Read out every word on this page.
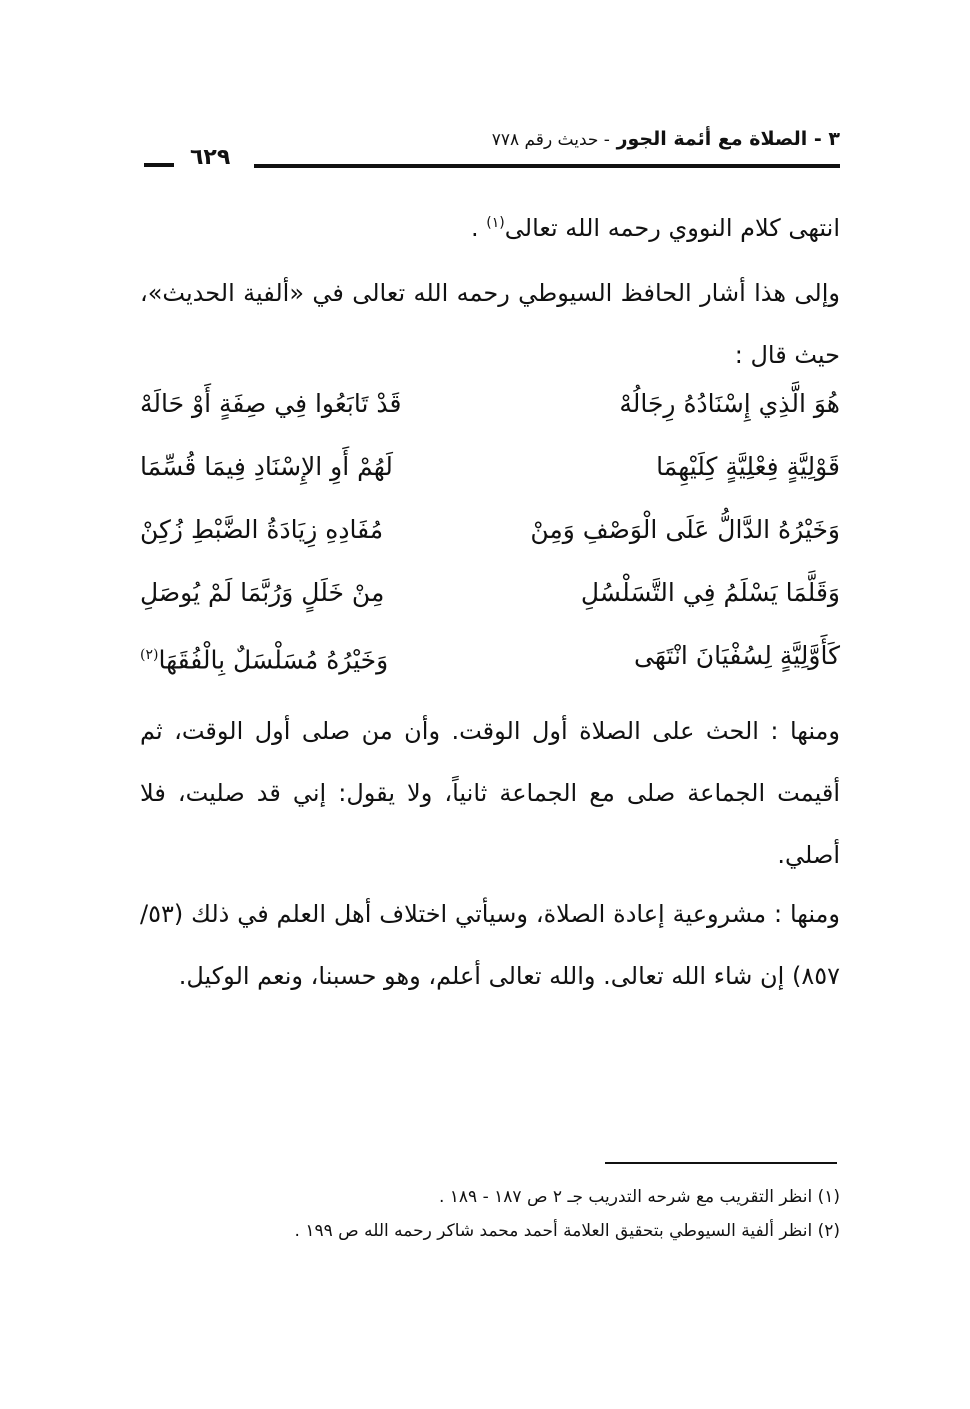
٣ - الصلاة مع أئمة الجور - حديث رقم ٧٧٨
٦٢٩
انتهى كلام النووي رحمه الله تعالى$^{(١)}$ .
وإلى هذا أشار الحافظ السيوطي رحمه الله تعالى في «ألفية الحديث»، حيث قال :
هُوَ الَّذِي إِسْنَادُهُ رِجَالُهْ
قَدْ تَابَعُوا فِي صِفَةٍ أَوْ حَالَهْ
قَوْلِيَّةٍ فِعْلِيَّةٍ كِلَيْهِمَا
لَهُمْ أَوِ الإِسْنَادِ فِيمَا قُسِّمَا
وَخَيْرُهُ الدَّالُّ عَلَى الْوَصْفِ وَمِنْ
مُفَادِهِ زِيَادَةُ الضَّبْطِ زُكِنْ
وَقَلَّمَا يَسْلَمُ فِي التَّسَلْسُلِ
مِنْ خَلَلٍ وَرُبَّمَا لَمْ يُوصَلِ
كَأَوَّلِيَّةٍ لِسُفْيَانَ انْتَهَى
وَخَيْرُهُ مُسَلْسَلٌ بِالْفُقَهَا$^{(٢)}$
ومنها : الحث على الصلاة أول الوقت. وأن من صلى أول الوقت، ثم أقيمت الجماعة صلى مع الجماعة ثانياً، ولا يقول: إني قد صليت، فلا أصلي.
ومنها : مشروعية إعادة الصلاة، وسيأتي اختلاف أهل العلم في ذلك (٥٣/ ٨٥٧) إن شاء الله تعالى. والله تعالى أعلم، وهو حسبنا، ونعم الوكيل.
(١) انظر التقريب مع شرحه التدريب جـ ٢ ص ١٨٧ - ١٨٩ .
(٢) انظر ألفية السيوطي بتحقيق العلامة أحمد محمد شاكر رحمه الله ص ١٩٩ .
